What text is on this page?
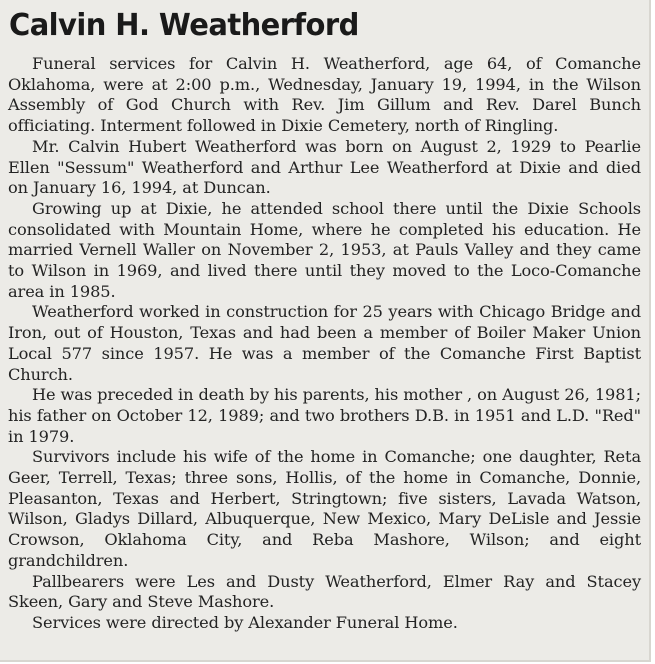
Calvin H. Weatherford

Funeral services for Calvin H. Weatherford, age 64, of Comanche Oklahoma, were at 2:00 p.m., Wednesday, January 19, 1994, in the Wilson Assembly of God Church with Rev. Jim Gillum and Rev. Darel Bunch officiating. Interment followed in Dixie Cemetery, north of Ringling.

Mr. Calvin Hubert Weatherford was born on August 2, 1929 to Pearlie Ellen "Sessum" Weatherford and Arthur Lee Weatherford at Dixie and died on January 16, 1994, at Duncan.

Growing up at Dixie, he attended school there until the Dixie Schools consolidated with Mountain Home, where he completed his education. He married Vernell Waller on November 2, 1953, at Pauls Valley and they came to Wilson in 1969, and lived there until they moved to the Loco-Comanche area in 1985.

Weatherford worked in construction for 25 years with Chicago Bridge and Iron, out of Houston, Texas and had been a member of Boiler Maker Union Local 577 since 1957. He was a member of the Comanche First Baptist Church.

He was preceded in death by his parents, his mother , on August 26, 1981; his father on October 12, 1989; and two brothers D.B. in 1951 and L.D. "Red" in 1979.

Survivors include his wife of the home in Comanche; one daughter, Reta Geer, Terrell, Texas; three sons, Hollis, of the home in Comanche, Donnie, Pleasanton, Texas and Herbert, Stringtown; five sisters, Lavada Watson, Wilson, Gladys Dillard, Albuquerque, New Mexico, Mary DeLisle and Jessie Crowson, Oklahoma City, and Reba Mashore, Wilson; and eight grandchildren.

Pallbearers were Les and Dusty Weatherford, Elmer Ray and Stacey Skeen, Gary and Steve Mashore.

Services were directed by Alexander Funeral Home.
